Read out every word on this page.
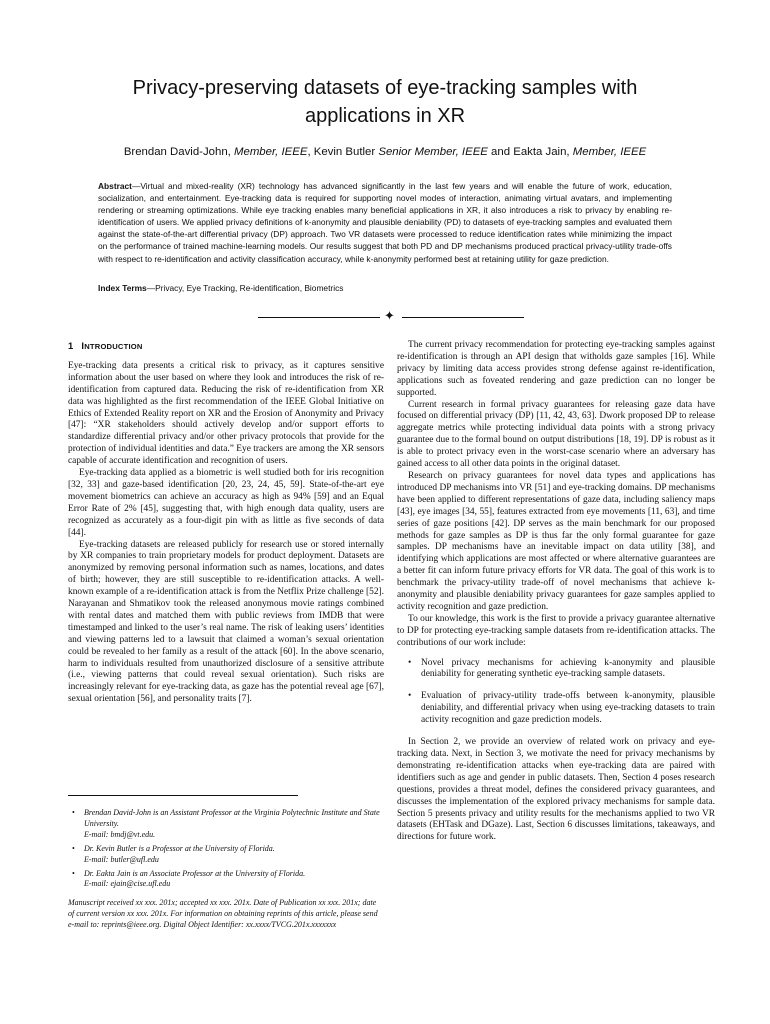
Privacy-preserving datasets of eye-tracking samples with
applications in XR
Brendan David-John, Member, IEEE, Kevin Butler Senior Member, IEEE and Eakta Jain, Member, IEEE
Abstract—Virtual and mixed-reality (XR) technology has advanced significantly in the last few years and will enable the future of work, education, socialization, and entertainment. Eye-tracking data is required for supporting novel modes of interaction, animating virtual avatars, and implementing rendering or streaming optimizations. While eye tracking enables many beneficial applications in XR, it also introduces a risk to privacy by enabling re-identification of users. We applied privacy definitions of k-anonymity and plausible deniability (PD) to datasets of eye-tracking samples and evaluated them against the state-of-the-art differential privacy (DP) approach. Two VR datasets were processed to reduce identification rates while minimizing the impact on the performance of trained machine-learning models. Our results suggest that both PD and DP mechanisms produced practical privacy-utility trade-offs with respect to re-identification and activity classification accuracy, while k-anonymity performed best at retaining utility for gaze prediction.
Index Terms—Privacy, Eye Tracking, Re-identification, Biometrics
✦
1 INTRODUCTION

Eye-tracking data presents a critical risk to privacy, as it captures sensitive information about the user based on where they look and introduces the risk of re-identification from captured data. Reducing the risk of re-identification from XR data was highlighted as the first recommendation of the IEEE Global Initiative on Ethics of Extended Reality report on XR and the Erosion of Anonymity and Privacy [47]: “XR stakeholders should actively develop and/or support efforts to standardize differential privacy and/or other privacy protocols that provide for the protection of individual identities and data.” Eye trackers are among the XR sensors capable of accurate identification and recognition of users.

Eye-tracking data applied as a biometric is well studied both for iris recognition [32, 33] and gaze-based identification [20, 23, 24, 45, 59]. State-of-the-art eye movement biometrics can achieve an accuracy as high as 94% [59] and an Equal Error Rate of 2% [45], suggesting that, with high enough data quality, users are recognized as accurately as a four-digit pin with as little as five seconds of data [44].

Eye-tracking datasets are released publicly for research use or stored internally by XR companies to train proprietary models for product deployment. Datasets are anonymized by removing personal information such as names, locations, and dates of birth; however, they are still susceptible to re-identification attacks. A well-known example of a re-identification attack is from the Netflix Prize challenge [52]. Narayanan and Shmatikov took the released anonymous movie ratings combined with rental dates and matched them with public reviews from IMDB that were timestamped and linked to the user’s real name. The risk of leaking users’ identities and viewing patterns led to a lawsuit that claimed a woman’s sexual orientation could be revealed to her family as a result of the attack [60]. In the above scenario, harm to individuals resulted from unauthorized disclosure of a sensitive attribute (i.e., viewing patterns that could reveal sexual orientation). Such risks are increasingly relevant for eye-tracking data, as gaze has the potential reveal age [67], sexual orientation [56], and personality traits [7].

• Brendan David-John is an Assistant Professor at the Virginia Polytechnic Institute and State University.
E-mail: bmdj@vt.edu.
• Dr. Kevin Butler is a Professor at the University of Florida.
E-mail: butler@ufl.edu
• Dr. Eakta Jain is an Associate Professor at the University of Florida.
E-mail: ejain@cise.ufl.edu
Manuscript received xx xxx. 201x; accepted xx xxx. 201x. Date of Publication xx xxx. 201x; date of current version xx xxx. 201x. For information on obtaining reprints of this article, please send e-mail to: reprints@ieee.org. Digital Object Identifier: xx.xxxx/TVCG.201x.xxxxxxx

The current privacy recommendation for protecting eye-tracking samples against re-identification is through an API design that witholds gaze samples [16]. While privacy by limiting data access provides strong defense against re-identification, applications such as foveated rendering and gaze prediction can no longer be supported.

Current research in formal privacy guarantees for releasing gaze data have focused on differential privacy (DP) [11, 42, 43, 63]. Dwork proposed DP to release aggregate metrics while protecting individual data points with a strong privacy guarantee due to the formal bound on output distributions [18, 19]. DP is robust as it is able to protect privacy even in the worst-case scenario where an adversary has gained access to all other data points in the original dataset.

Research on privacy guarantees for novel data types and applications has introduced DP mechanisms into VR [51] and eye-tracking domains. DP mechanisms have been applied to different representations of gaze data, including saliency maps [43], eye images [34, 55], features extracted from eye movements [11, 63], and time series of gaze positions [42]. DP serves as the main benchmark for our proposed methods for gaze samples as DP is thus far the only formal guarantee for gaze samples. DP mechanisms have an inevitable impact on data utility [38], and identifying which applications are most affected or where alternative guarantees are a better fit can inform future privacy efforts for VR data. The goal of this work is to benchmark the privacy-utility trade-off of novel mechanisms that achieve k-anonymity and plausible deniability privacy guarantees for gaze samples applied to activity recognition and gaze prediction.

To our knowledge, this work is the first to provide a privacy guarantee alternative to DP for protecting eye-tracking sample datasets from re-identification attacks. The contributions of our work include:

• Novel privacy mechanisms for achieving k-anonymity and plausible deniability for generating synthetic eye-tracking sample datasets.
• Evaluation of privacy-utility trade-offs between k-anonymity, plausible deniability, and differential privacy when using eye-tracking datasets to train activity recognition and gaze prediction models.

In Section 2, we provide an overview of related work on privacy and eye-tracking data. Next, in Section 3, we motivate the need for privacy mechanisms by demonstrating re-identification attacks when eye-tracking data are paired with identifiers such as age and gender in public datasets. Then, Section 4 poses research questions, provides a threat model, defines the considered privacy guarantees, and discusses the implementation of the explored privacy mechanisms for sample data. Section 5 presents privacy and utility results for the mechanisms applied to two VR datasets (EHTask and DGaze). Last, Section 6 discusses limitations, takeaways, and directions for future work.
